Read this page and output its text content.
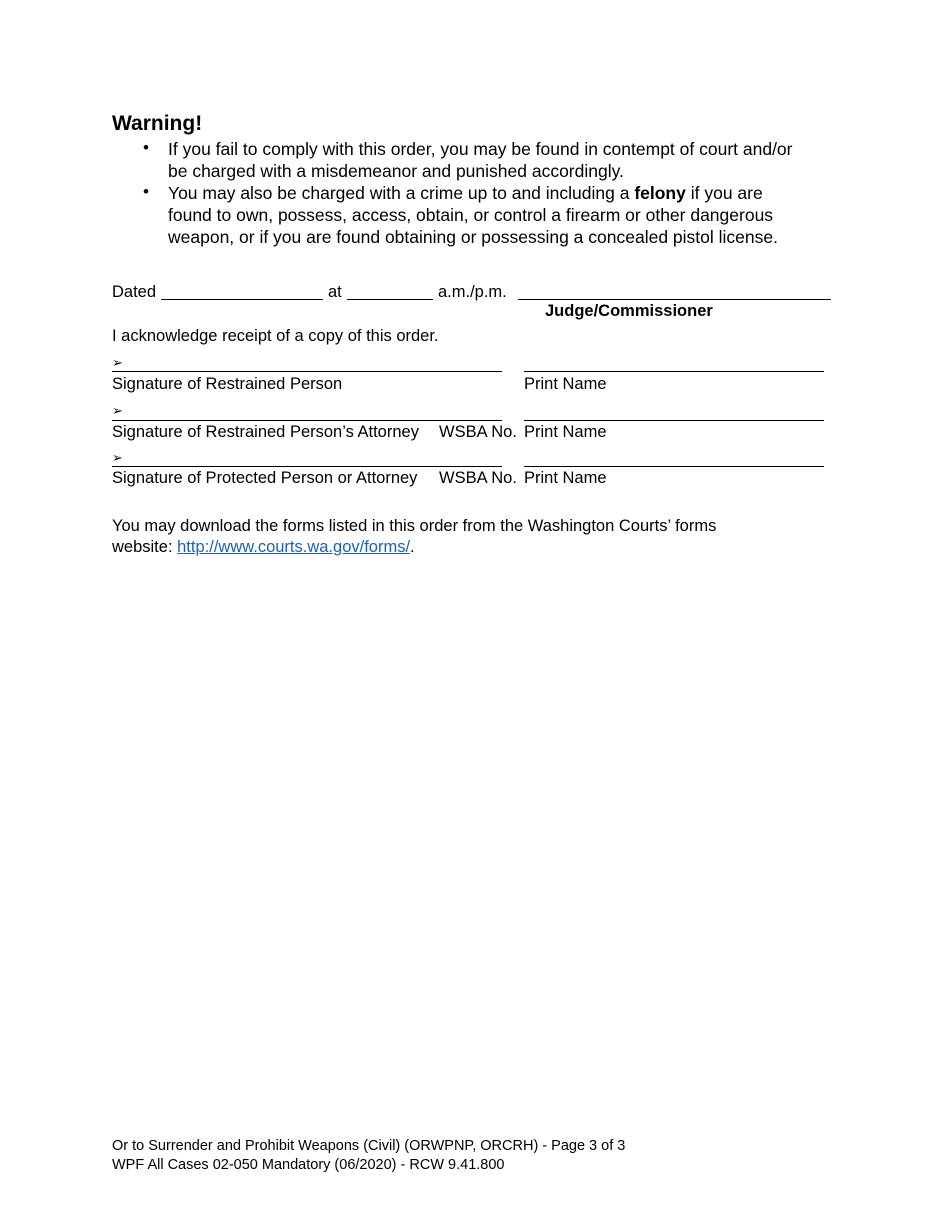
Warning!
• If you fail to comply with this order, you may be found in contempt of court and/or
be charged with a misdemeanor and punished accordingly.
• You may also be charged with a crime up to and including a felony if you are
found to own, possess, access, obtain, or control a firearm or other dangerous
weapon, or if you are found obtaining or possessing a concealed pistol license.
Dated	at	a.m./p.m.
Judge/Commissioner
I acknowledge receipt of a copy of this order.
➢
Signature of Restrained Person	Print Name
➢
Signature of Restrained Person’s Attorney WSBA No. Print Name
➢
Signature of Protected Person or Attorney WSBA No. Print Name
You may download the forms listed in this order from the Washington Courts’ forms
website: http://www.courts.wa.gov/forms/.
Or to Surrender and Prohibit Weapons (Civil) (ORWPNP, ORCRH) - Page 3 of 3
WPF All Cases 02-050 Mandatory (06/2020) - RCW 9.41.800
